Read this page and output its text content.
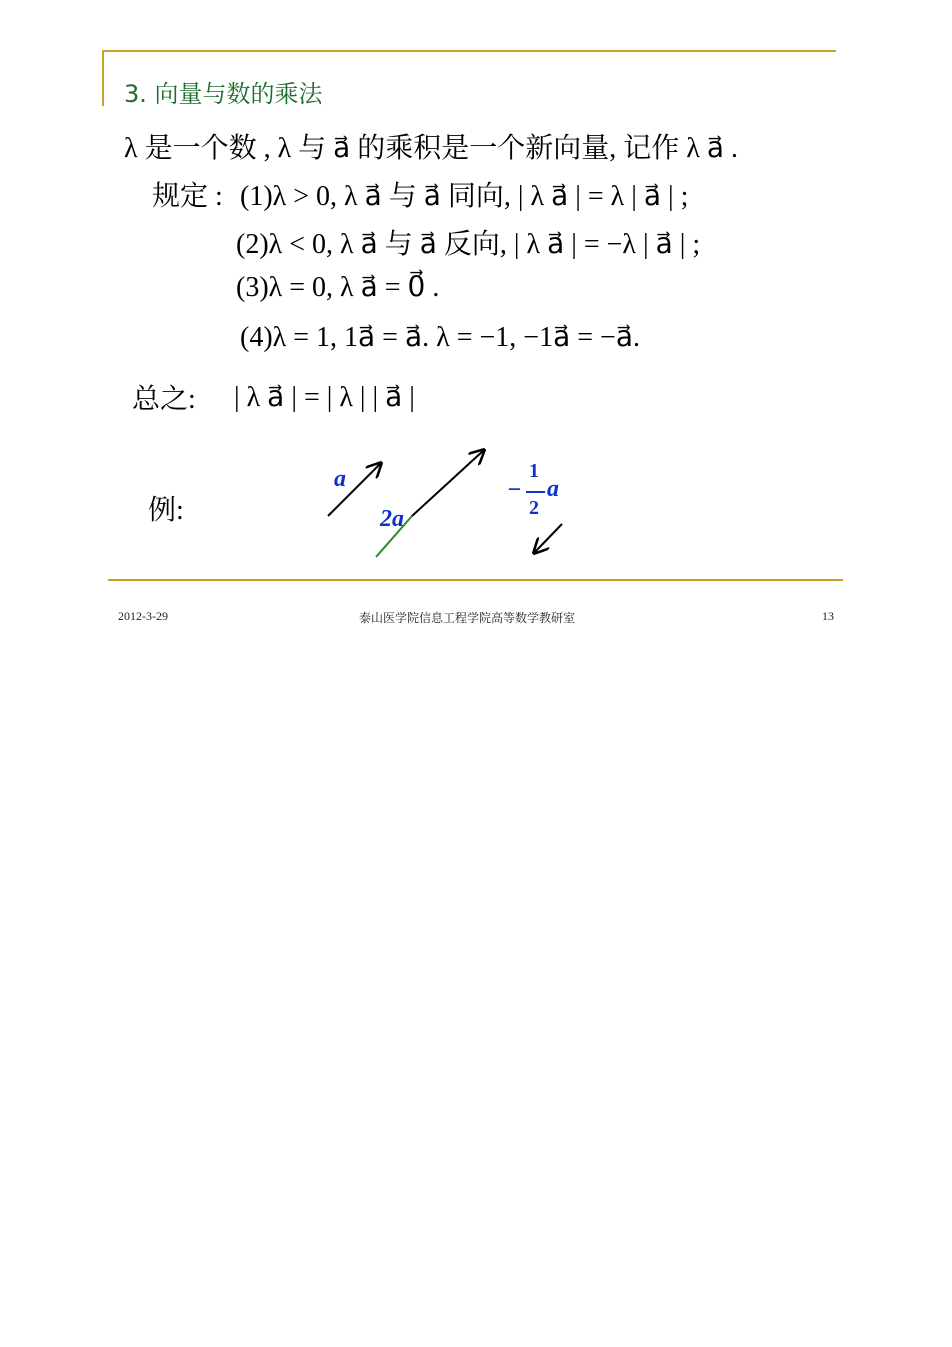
3. 向量与数的乘法
λ 是一个数 , λ 与 a⃗ 的乘积是一个新向量, 记作 λ a⃗ .
规定 : (1)λ > 0, λ a⃗ 与 a⃗ 同向, | λ a⃗ | = λ | a⃗ | ;
(2)λ < 0, λ a⃗ 与 a⃗ 反向, | λ a⃗ | = −λ | a⃗ | ;
(3)λ = 0, λ a⃗ = 0⃗ .
(4)λ = 1, 1a⃗ = a⃗. λ = −1, −1a⃗ = −a⃗.
总之: | λ a⃗ | = | λ | | a⃗ |
例:
a⃗
2a⃗
−
1
2
a⃗
2012-3-29	泰山医学院信息工程学院高等数学教研室	13
